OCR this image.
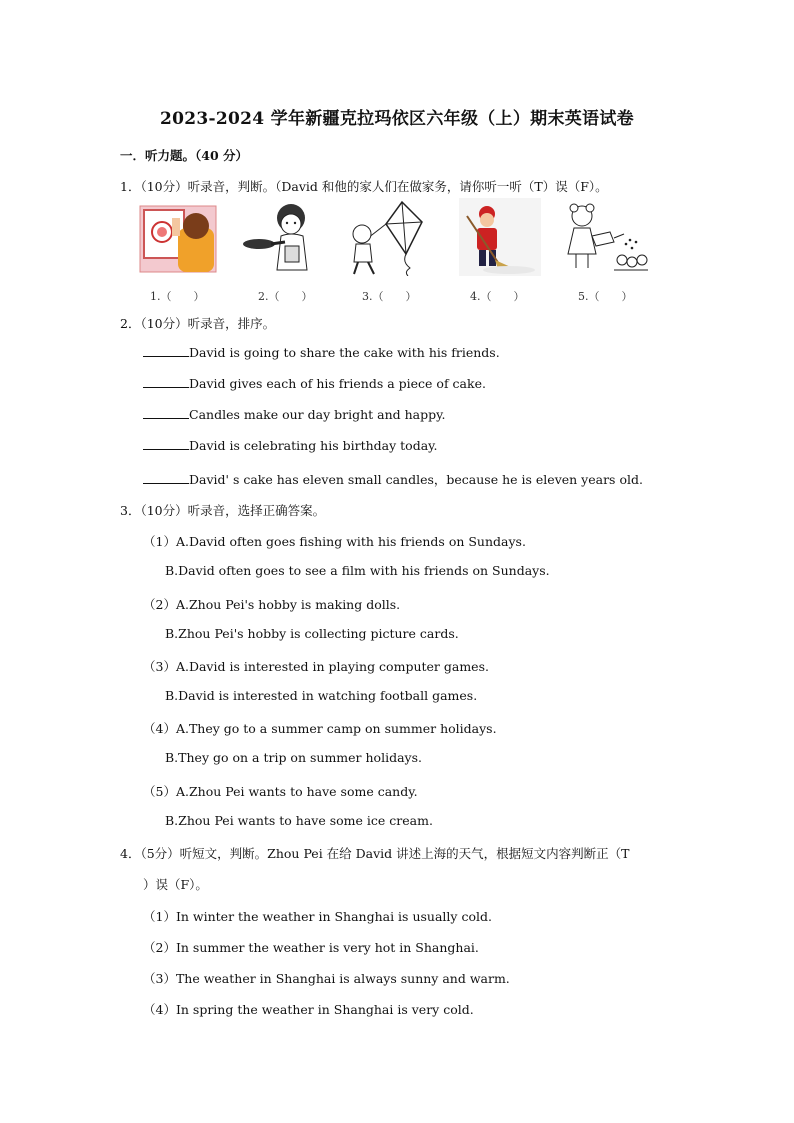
2023-2024 学年新疆克拉玛依区六年级（上）期末英语试卷
一．听力题。（40 分）
1．（10分）听录音，判断。（David 和他的家人们在做家务，请你听一听（T）误（F）。
1.（　　）	2.（　　）	3.（　　）	4.（　　）	5.（　　）
2．（10分）听录音，排序。
David is going to share the cake with his friends.
David gives each of his friends a piece of cake.
Candles make our day bright and happy.
David is celebrating his birthday today.
David' s cake has eleven small candles，because he is eleven years old.
3．（10分）听录音，选择正确答案。
（1）A.David often goes fishing with his friends on Sundays.
B.David often goes to see a film with his friends on Sundays.
（2）A.Zhou Pei's hobby is making dolls.
B.Zhou Pei's hobby is collecting picture cards.
（3）A.David is interested in playing computer games.
B.David is interested in watching football games.
（4）A.They go to a summer camp on summer holidays.
B.They go on a trip on summer holidays.
（5）A.Zhou Pei wants to have some candy.
B.Zhou Pei wants to have some ice cream.
4．（5分）听短文，判断。Zhou Pei 在给 David 讲述上海的天气，根据短文内容判断正（T
）误（F）。
（1）In winter the weather in Shanghai is usually cold.
（2）In summer the weather is very hot in Shanghai.
（3）The weather in Shanghai is always sunny and warm.
（4）In spring the weather in Shanghai is very cold.
